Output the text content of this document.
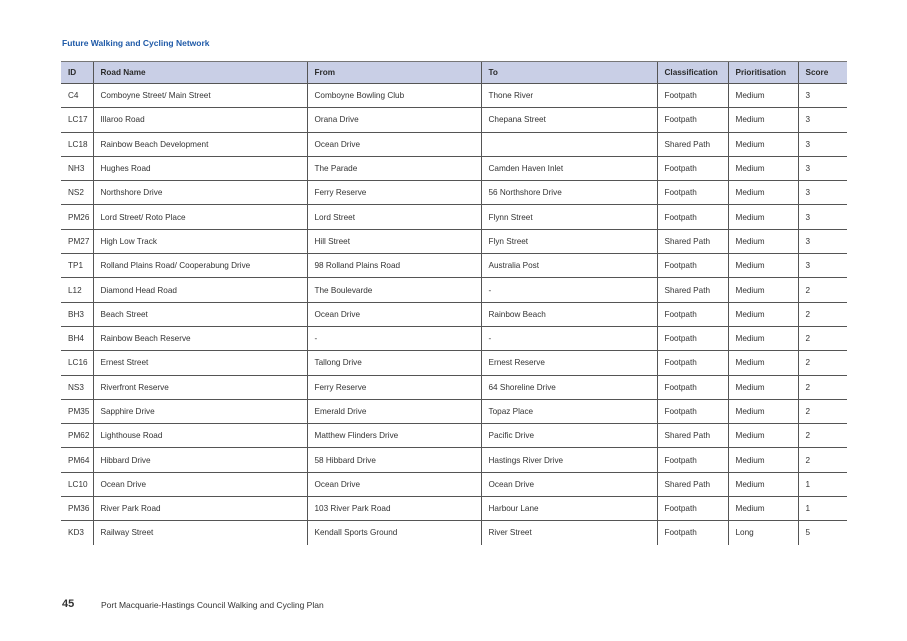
Future Walking and Cycling Network
ID	Road Name	From	To	Classification	Prioritisation	Score
C4	Comboyne Street/ Main Street	Comboyne Bowling Club	Thone River	Footpath	Medium	3
LC17	Illaroo Road	Orana Drive	Chepana Street	Footpath	Medium	3
LC18	Rainbow Beach Development	Ocean Drive		Shared Path	Medium	3
NH3	Hughes Road	The Parade	Camden Haven Inlet	Footpath	Medium	3
NS2	Northshore Drive	Ferry Reserve	56 Northshore Drive	Footpath	Medium	3
PM26	Lord Street/ Roto Place	Lord Street	Flynn Street	Footpath	Medium	3
PM27	High Low Track	Hill Street	Flyn Street	Shared Path	Medium	3
TP1	Rolland Plains Road/ Cooperabung Drive	98 Rolland Plains Road	Australia Post	Footpath	Medium	3
L12	Diamond Head Road	The Boulevarde	-	Shared Path	Medium	2
BH3	Beach Street	Ocean Drive	Rainbow Beach	Footpath	Medium	2
BH4	Rainbow Beach Reserve	-	-	Footpath	Medium	2
LC16	Ernest Street	Tallong Drive	Ernest Reserve	Footpath	Medium	2
NS3	Riverfront Reserve	Ferry Reserve	64 Shoreline Drive	Footpath	Medium	2
PM35	Sapphire Drive	Emerald Drive	Topaz Place	Footpath	Medium	2
PM62	Lighthouse Road	Matthew Flinders Drive	Pacific Drive	Shared Path	Medium	2
PM64	Hibbard Drive	58 Hibbard Drive	Hastings River Drive	Footpath	Medium	2
LC10	Ocean Drive	Ocean Drive	Ocean Drive	Shared Path	Medium	1
PM36	River Park Road	103 River Park Road	Harbour Lane	Footpath	Medium	1
KD3	Railway Street	Kendall Sports Ground	River Street	Footpath	Long	5
45	Port Macquarie-Hastings Council Walking and Cycling Plan
